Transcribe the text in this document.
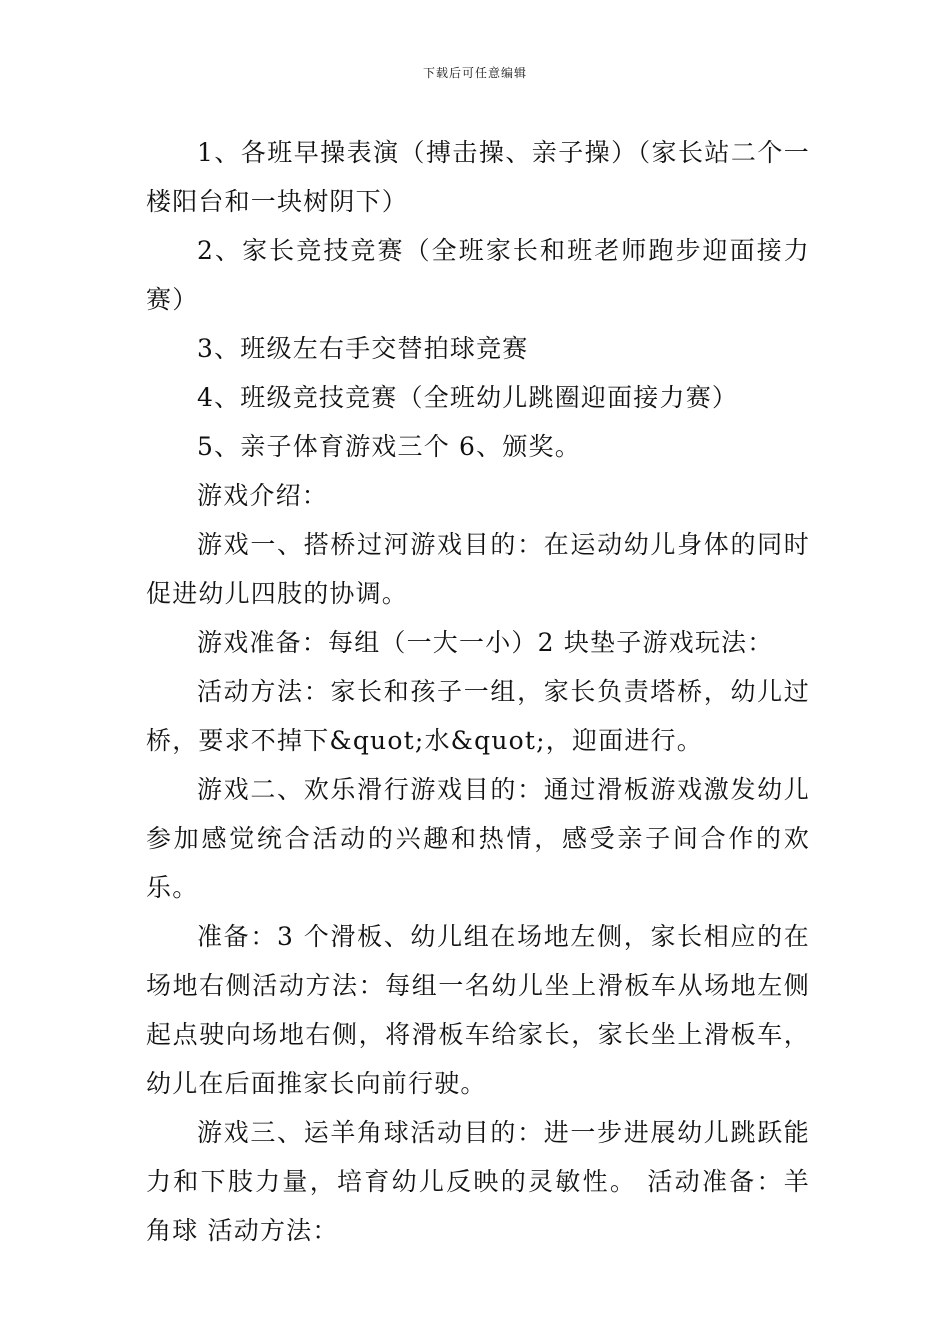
下载后可任意编辑

1、各班早操表演（搏击操、亲子操）（家长站二个一楼阳台和一块树阴下）

2、家长竞技竞赛（全班家长和班老师跑步迎面接力赛）

3、班级左右手交替拍球竞赛

4、班级竞技竞赛（全班幼儿跳圈迎面接力赛）

5、亲子体育游戏三个 6、颁奖。

游戏介绍：

游戏一、搭桥过河游戏目的：在运动幼儿身体的同时促进幼儿四肢的协调。

游戏准备：每组（一大一小）2 块垫子游戏玩法：

活动方法：家长和孩子一组，家长负责塔桥，幼儿过桥，要求不掉下&quot;水&quot;，迎面进行。

游戏二、欢乐滑行游戏目的：通过滑板游戏激发幼儿参加感觉统合活动的兴趣和热情，感受亲子间合作的欢乐。

准备：3 个滑板、幼儿组在场地左侧，家长相应的在场地右侧活动方法：每组一名幼儿坐上滑板车从场地左侧起点驶向场地右侧，将滑板车给家长，家长坐上滑板车，幼儿在后面推家长向前行驶。

游戏三、运羊角球活动目的：进一步进展幼儿跳跃能力和下肢力量，培育幼儿反映的灵敏性。 活动准备：羊角球 活动方法：
